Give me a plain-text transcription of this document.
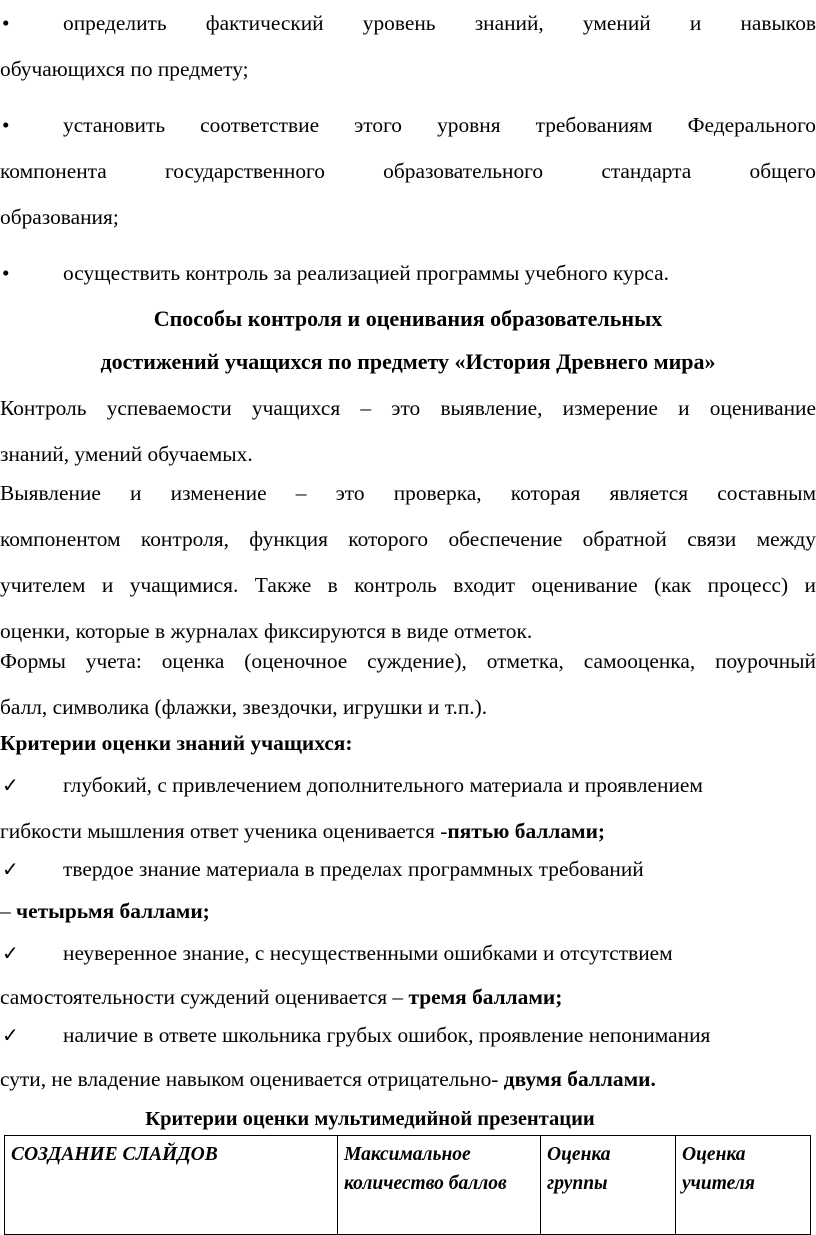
•	определить фактический уровень знаний, умений и навыков
обучающихся по предмету;
•	установить соответствие этого уровня требованиям Федерального
компонента государственного образовательного стандарта общего
образования;
•	осуществить контроль за реализацией программы учебного курса.
Способы контроля и оценивания образовательных
достижений учащихся по предмету «История Древнего мира»
Контроль успеваемости учащихся – это выявление, измерение и оценивание
знаний, умений обучаемых.
Выявление и изменение – это проверка, которая является составным
компонентом контроля, функция которого обеспечение обратной связи между
учителем и учащимися. Также в контроль входит оценивание (как процесс) и
оценки, которые в журналах фиксируются в виде отметок.
Формы учета: оценка (оценочное суждение), отметка, самооценка, поурочный
балл, символика (флажки, звездочки, игрушки и т.п.).
Критерии оценки знаний учащихся:
✓ глубокий, с привлечением дополнительного материала и проявлением
гибкости мышления ответ ученика оценивается -пятью баллами;
✓ твердое знание материала в пределах программных требований
– четырьмя баллами;
✓ неуверенное знание, с несущественными ошибками и отсутствием
самостоятельности суждений оценивается – тремя баллами;
✓ наличие в ответе школьника грубых ошибок, проявление непонимания
сути, не владение навыком оценивается отрицательно- двумя баллами.
Критерии оценки мультимедийной презентации
СОЗДАНИЕ СЛАЙДОВ	Максимальное количество баллов	Оценка группы	Оценка учителя
